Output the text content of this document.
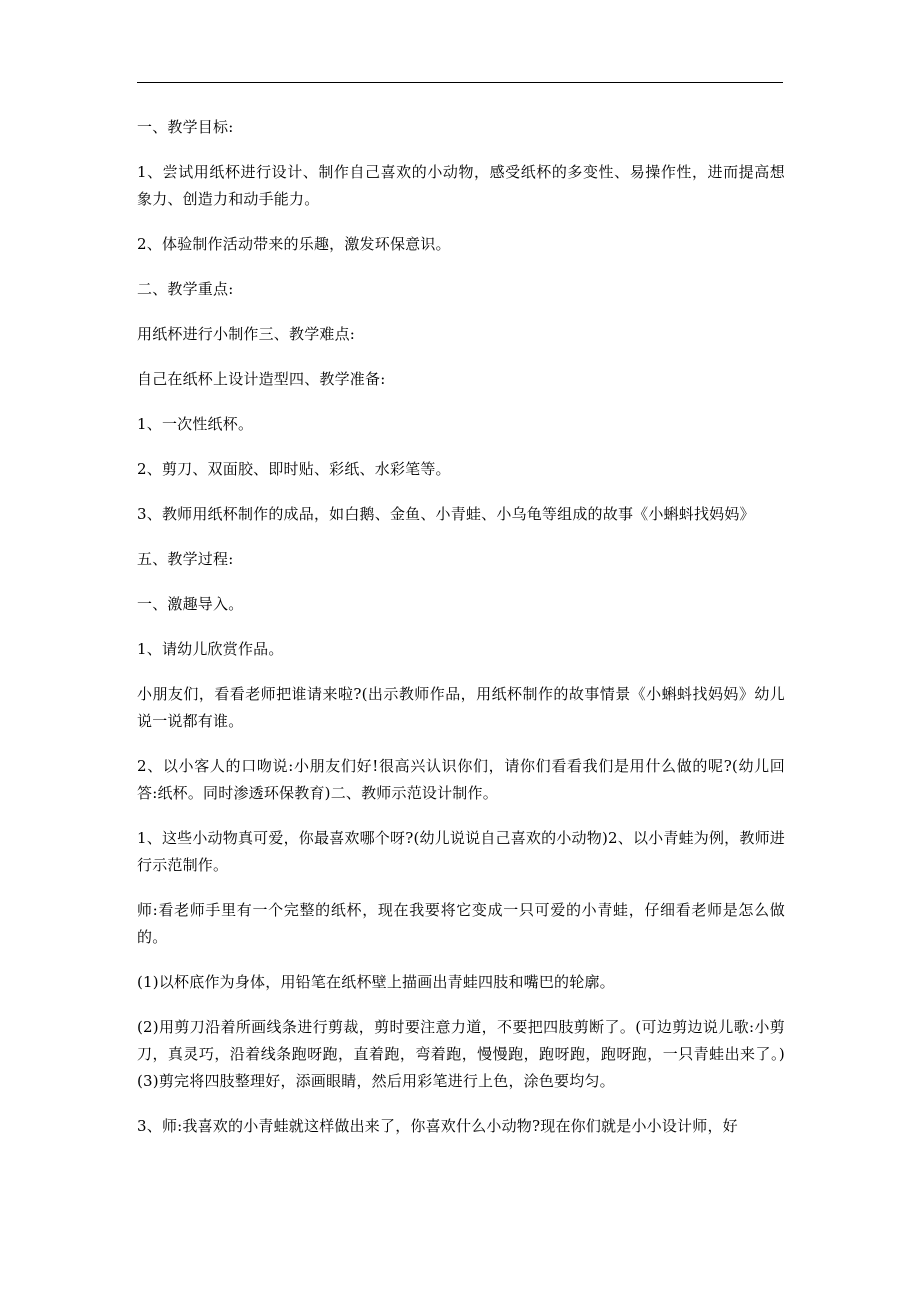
一、教学目标:

1、尝试用纸杯进行设计、制作自己喜欢的小动物，感受纸杯的多变性、易操作性，进而提高想象力、创造力和动手能力。

2、体验制作活动带来的乐趣，激发环保意识。

二、教学重点:

用纸杯进行小制作三、教学难点:

自己在纸杯上设计造型四、教学准备:

1、一次性纸杯。

2、剪刀、双面胶、即时贴、彩纸、水彩笔等。

3、教师用纸杯制作的成品，如白鹅、金鱼、小青蛙、小乌龟等组成的故事《小蝌蚪找妈妈》

五、教学过程:

一、激趣导入。

1、请幼儿欣赏作品。

小朋友们，看看老师把谁请来啦?(出示教师作品，用纸杯制作的故事情景《小蝌蚪找妈妈》幼儿说一说都有谁。

2、以小客人的口吻说:小朋友们好!很高兴认识你们，请你们看看我们是用什么做的呢?(幼儿回答:纸杯。同时渗透环保教育)二、教师示范设计制作。

1、这些小动物真可爱，你最喜欢哪个呀?(幼儿说说自己喜欢的小动物)2、以小青蛙为例，教师进行示范制作。

师:看老师手里有一个完整的纸杯，现在我要将它变成一只可爱的小青蛙，仔细看老师是怎么做的。

(1)以杯底作为身体，用铅笔在纸杯壁上描画出青蛙四肢和嘴巴的轮廓。

(2)用剪刀沿着所画线条进行剪裁，剪时要注意力道，不要把四肢剪断了。(可边剪边说儿歌:小剪刀，真灵巧，沿着线条跑呀跑，直着跑，弯着跑，慢慢跑，跑呀跑，跑呀跑，一只青蛙出来了。)(3)剪完将四肢整理好，添画眼睛，然后用彩笔进行上色，涂色要均匀。

3、师:我喜欢的小青蛙就这样做出来了，你喜欢什么小动物?现在你们就是小小设计师，好
